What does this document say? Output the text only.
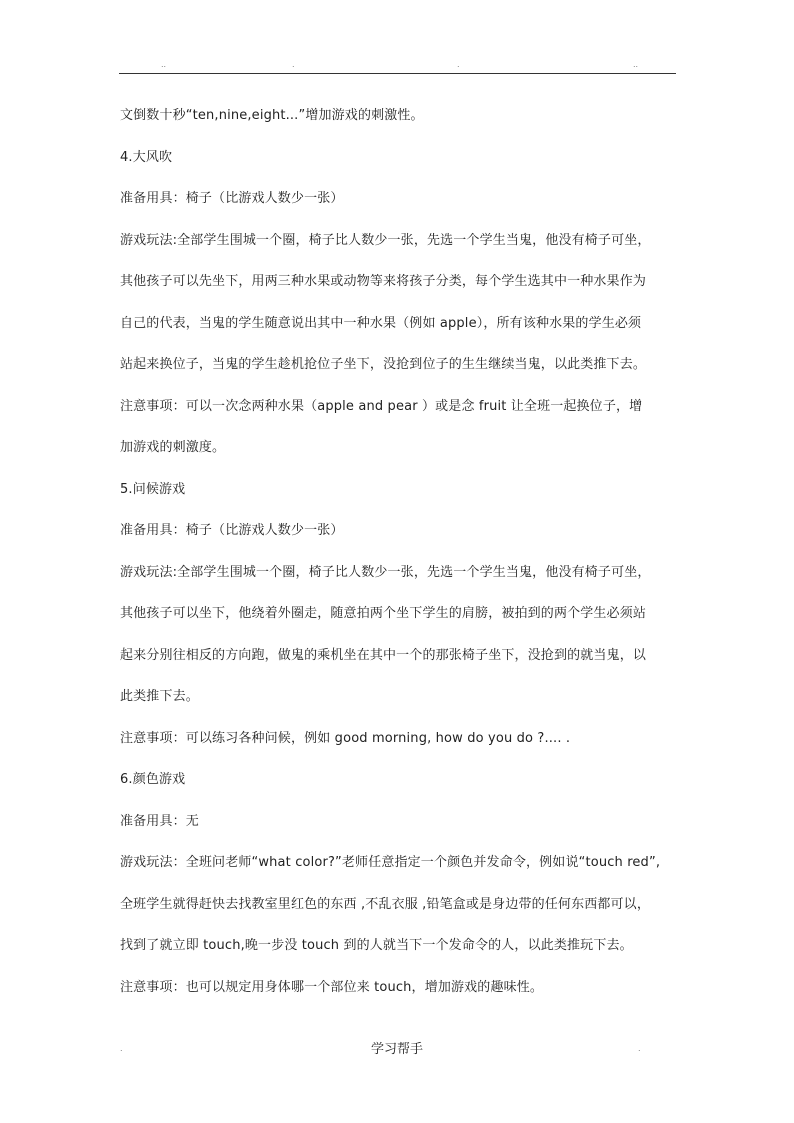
..	.	.	..
文倒数十秒“ten,nine,eight...”增加游戏的刺激性。
4.大风吹
准备用具：椅子（比游戏人数少一张）
游戏玩法:全部学生围城一个圈，椅子比人数少一张，先选一个学生当鬼，他没有椅子可坐，
其他孩子可以先坐下，用两三种水果或动物等来将孩子分类，每个学生选其中一种水果作为
自己的代表，当鬼的学生随意说出其中一种水果（例如 apple），所有该种水果的学生必须
站起来换位子，当鬼的学生趁机抢位子坐下，没抢到位子的生生继续当鬼，以此类推下去。
注意事项：可以一次念两种水果（apple and pear ）或是念 fruit 让全班一起换位子，增
加游戏的刺激度。
5.问候游戏
准备用具：椅子（比游戏人数少一张）
游戏玩法:全部学生围城一个圈，椅子比人数少一张，先选一个学生当鬼，他没有椅子可坐，
其他孩子可以坐下，他绕着外圈走，随意拍两个坐下学生的肩膀，被拍到的两个学生必须站
起来分别往相反的方向跑，做鬼的乘机坐在其中一个的那张椅子坐下，没抢到的就当鬼，以
此类推下去。
注意事项：可以练习各种问候，例如 good morning, how do you do ?.... .
6.颜色游戏
准备用具：无
游戏玩法：全班问老师“what color?”老师任意指定一个颜色并发命令，例如说“touch red”,
全班学生就得赶快去找教室里红色的东西 ,不乱衣服 ,铅笔盒或是身边带的任何东西都可以，
找到了就立即 touch,晚一步没 touch 到的人就当下一个发命令的人，以此类推玩下去。
注意事项：也可以规定用身体哪一个部位来 touch，增加游戏的趣味性。
.	学习帮手	.
